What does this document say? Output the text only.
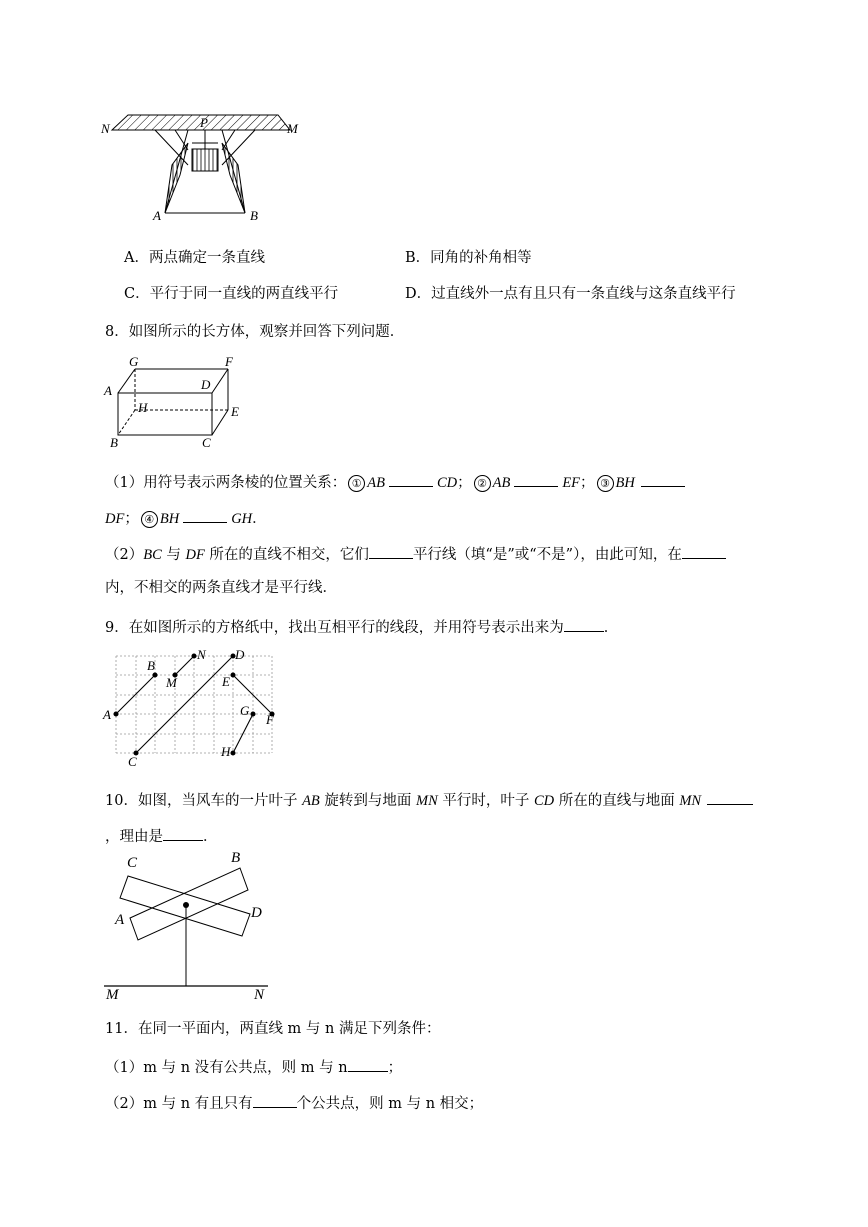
N	M
P
A	B
A．两点确定一条直线	B．同角的补角相等
C．平行于同一直线的两直线平行	D．过直线外一点有且只有一条直线与这条直线平行
8．如图所示的长方体，观察并回答下列问题．
G	F
A	D
H	E
B	C
（1）用符号表示两条棱的位置关系： ① AB	CD； ② AB	EF； ③ BH
DF； ④ BH	GH．
（2）BC 与 DF 所在的直线不相交，它们	平行线（填“是”或“不是”），由此可知，在
内，不相交的两条直线才是平行线．
9．在如图所示的方格纸中，找出互相平行的线段，并用符号表示出来为	．
A
B
M
N D
E
G
F
H
C
10．如图，当风车的一片叶子 AB 旋转到与地面 MN 平行时，叶子 CD 所在的直线与地面 MN
，理由是	．
C	B
A	D
M	N
11．在同一平面内，两直线 m 与 n 满足下列条件：
（1）m 与 n 没有公共点，则 m 与 n	；
（2）m 与 n 有且只有	个公共点，则 m 与 n 相交；
